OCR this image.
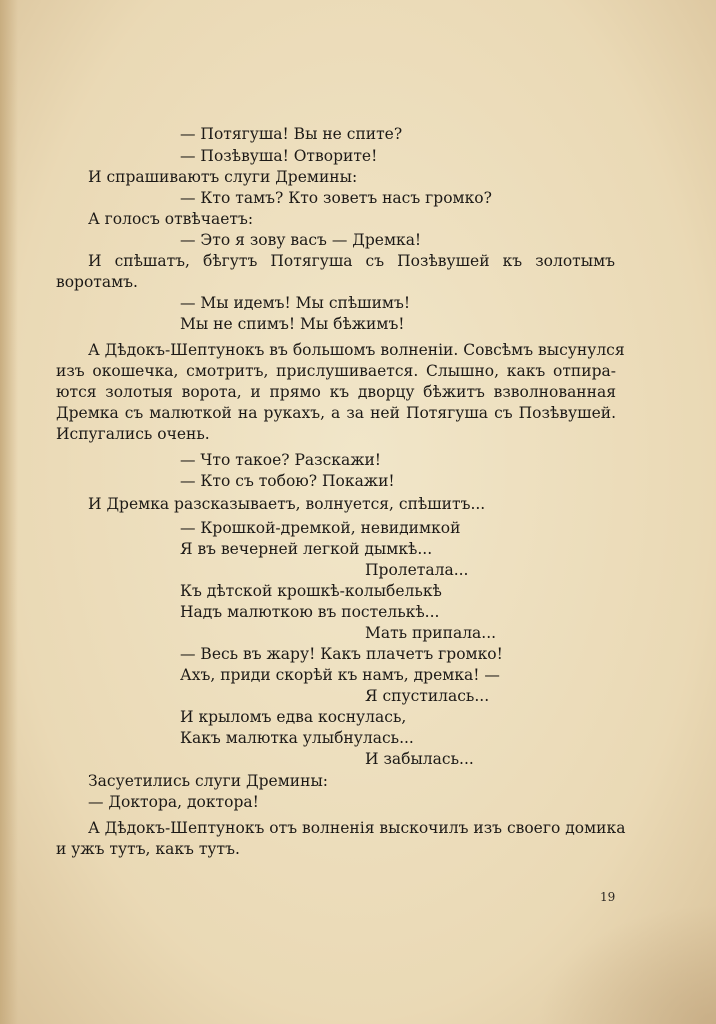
— Потягуша! Вы не спите?
— Позѣвуша! Отворите!
И спрашиваютъ слуги Дремины:
— Кто тамъ? Кто зоветъ насъ громко?
А голосъ отвѣчаетъ:
— Это я зову васъ — Дремка!
И спѣшатъ, бѣгутъ Потягуша съ Позѣвушей къ золотымъ
воротамъ.
— Мы идемъ! Мы спѣшимъ!
Мы не спимъ! Мы бѣжимъ!
А Дѣдокъ-Шептунокъ въ большомъ волненіи. Совсѣмъ высунулся
изъ окошечка, смотритъ, прислушивается. Слышно, какъ отпира-
ются золотыя ворота, и прямо къ дворцу бѣжитъ взволнованная
Дремка съ малюткой на рукахъ, а за ней Потягуша съ Позѣвушей.
Испугались очень.
— Что такое? Разскажи!
— Кто съ тобою? Покажи!
И Дремка разсказываетъ, волнуется, спѣшитъ...
— Крошкой-дремкой, невидимкой
Я въ вечерней легкой дымкѣ...
Пролетала...
Къ дѣтской крошкѣ-колыбелькѣ
Надъ малюткою въ постелькѣ...
Мать припала...
— Весь въ жару! Какъ плачетъ громко!
Ахъ, приди скорѣй къ намъ, дремка! —
Я спустилась...
И крыломъ едва коснулась,
Какъ малютка улыбнулась...
И забылась...
Засуетились слуги Дремины:
— Доктора, доктора!
А Дѣдокъ-Шептунокъ отъ волненія выскочилъ изъ своего домика
и ужъ тутъ, какъ тутъ.
19
